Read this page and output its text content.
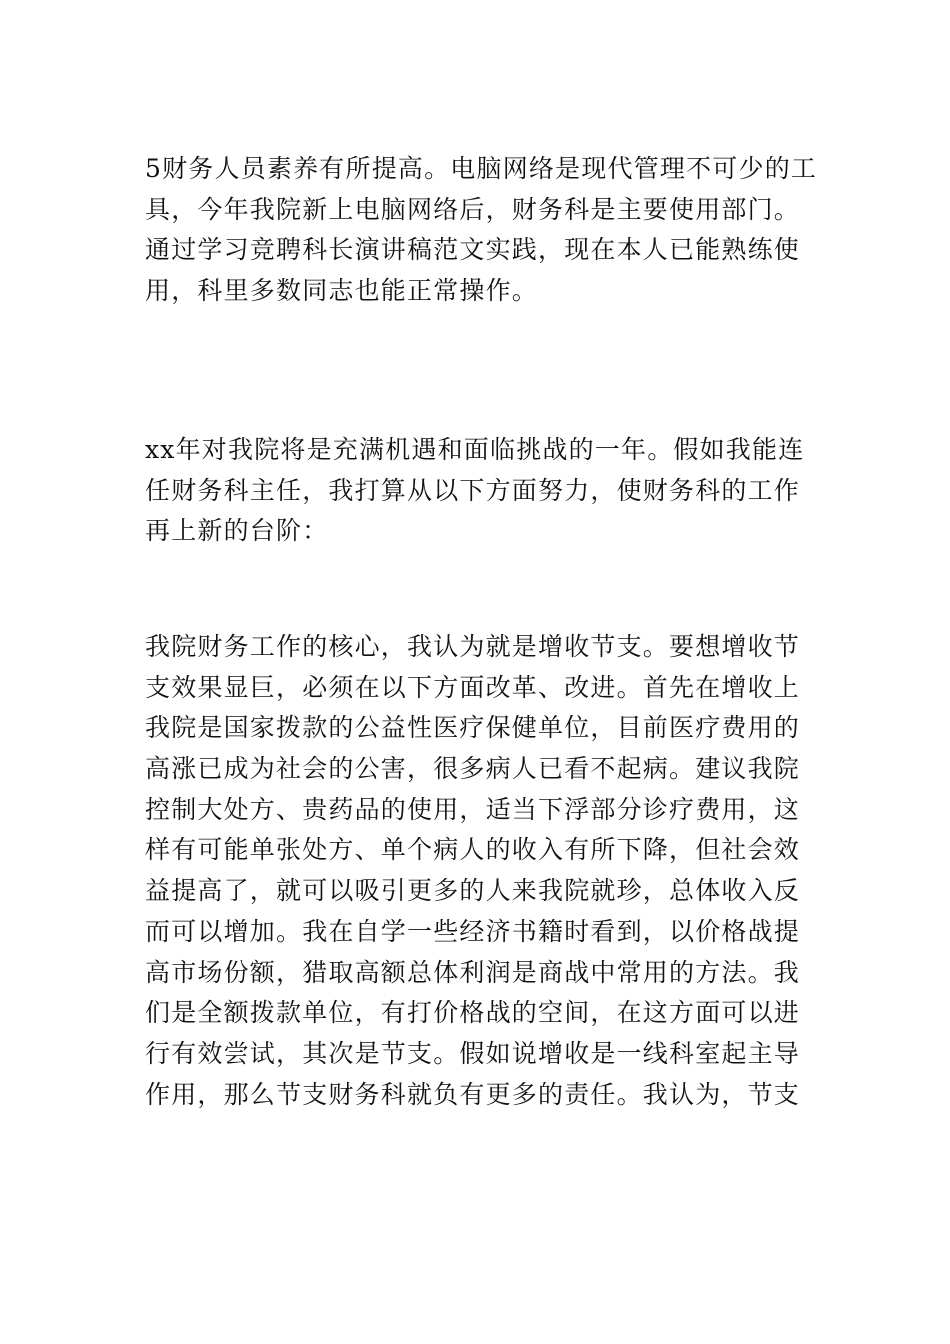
5财务人员素养有所提高。电脑网络是现代管理不可少的工
具，今年我院新上电脑网络后，财务科是主要使用部门。
通过学习竞聘科长演讲稿范文实践，现在本人已能熟练使
用，科里多数同志也能正常操作。
xx年对我院将是充满机遇和面临挑战的一年。假如我能连
任财务科主任，我打算从以下方面努力，使财务科的工作
再上新的台阶：
我院财务工作的核心，我认为就是增收节支。要想增收节
支效果显巨，必须在以下方面改革、改进。首先在增收上
我院是国家拨款的公益性医疗保健单位，目前医疗费用的
高涨已成为社会的公害，很多病人已看不起病。建议我院
控制大处方、贵药品的使用，适当下浮部分诊疗费用，这
样有可能单张处方、单个病人的收入有所下降，但社会效
益提高了，就可以吸引更多的人来我院就珍，总体收入反
而可以增加。我在自学一些经济书籍时看到，以价格战提
高市场份额，猎取高额总体利润是商战中常用的方法。我
们是全额拨款单位，有打价格战的空间，在这方面可以进
行有效尝试，其次是节支。假如说增收是一线科室起主导
作用，那么节支财务科就负有更多的责任。我认为，节支
